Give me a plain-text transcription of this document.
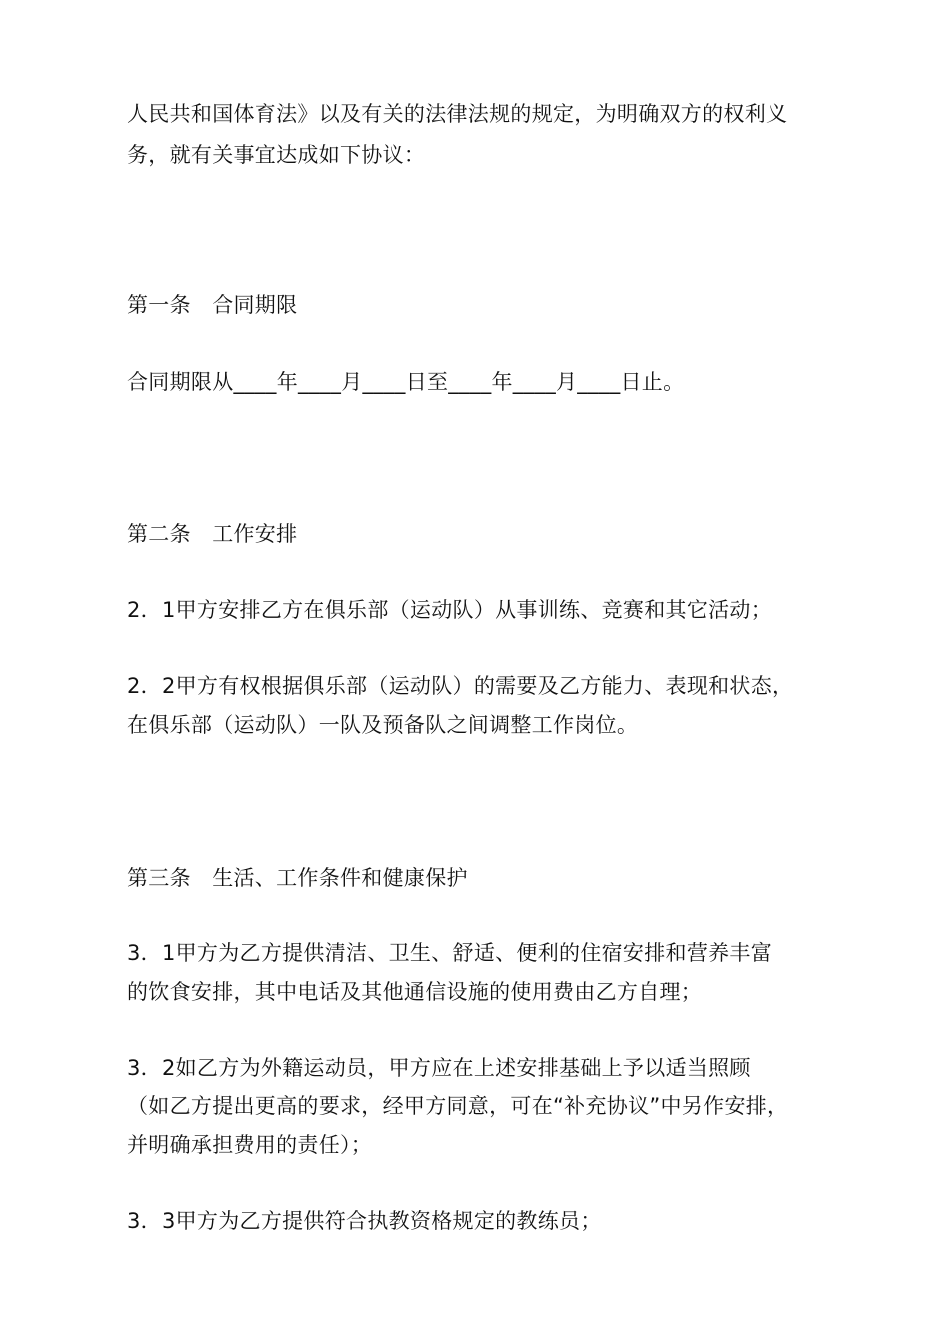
人民共和国体育法》以及有关的法律法规的规定，为明确双方的权利义
务，就有关事宜达成如下协议：
第一条　合同期限
合同期限从____年____月____日至____年____月____日止。
第二条　工作安排
2．1甲方安排乙方在俱乐部（运动队）从事训练、竞赛和其它活动；
2．2甲方有权根据俱乐部（运动队）的需要及乙方能力、表现和状态，
在俱乐部（运动队）一队及预备队之间调整工作岗位。
第三条　生活、工作条件和健康保护
3．1甲方为乙方提供清洁、卫生、舒适、便利的住宿安排和营养丰富
的饮食安排，其中电话及其他通信设施的使用费由乙方自理；
3．2如乙方为外籍运动员，甲方应在上述安排基础上予以适当照顾
（如乙方提出更高的要求，经甲方同意，可在“补充协议”中另作安排，
并明确承担费用的责任）；
3．3甲方为乙方提供符合执教资格规定的教练员；
